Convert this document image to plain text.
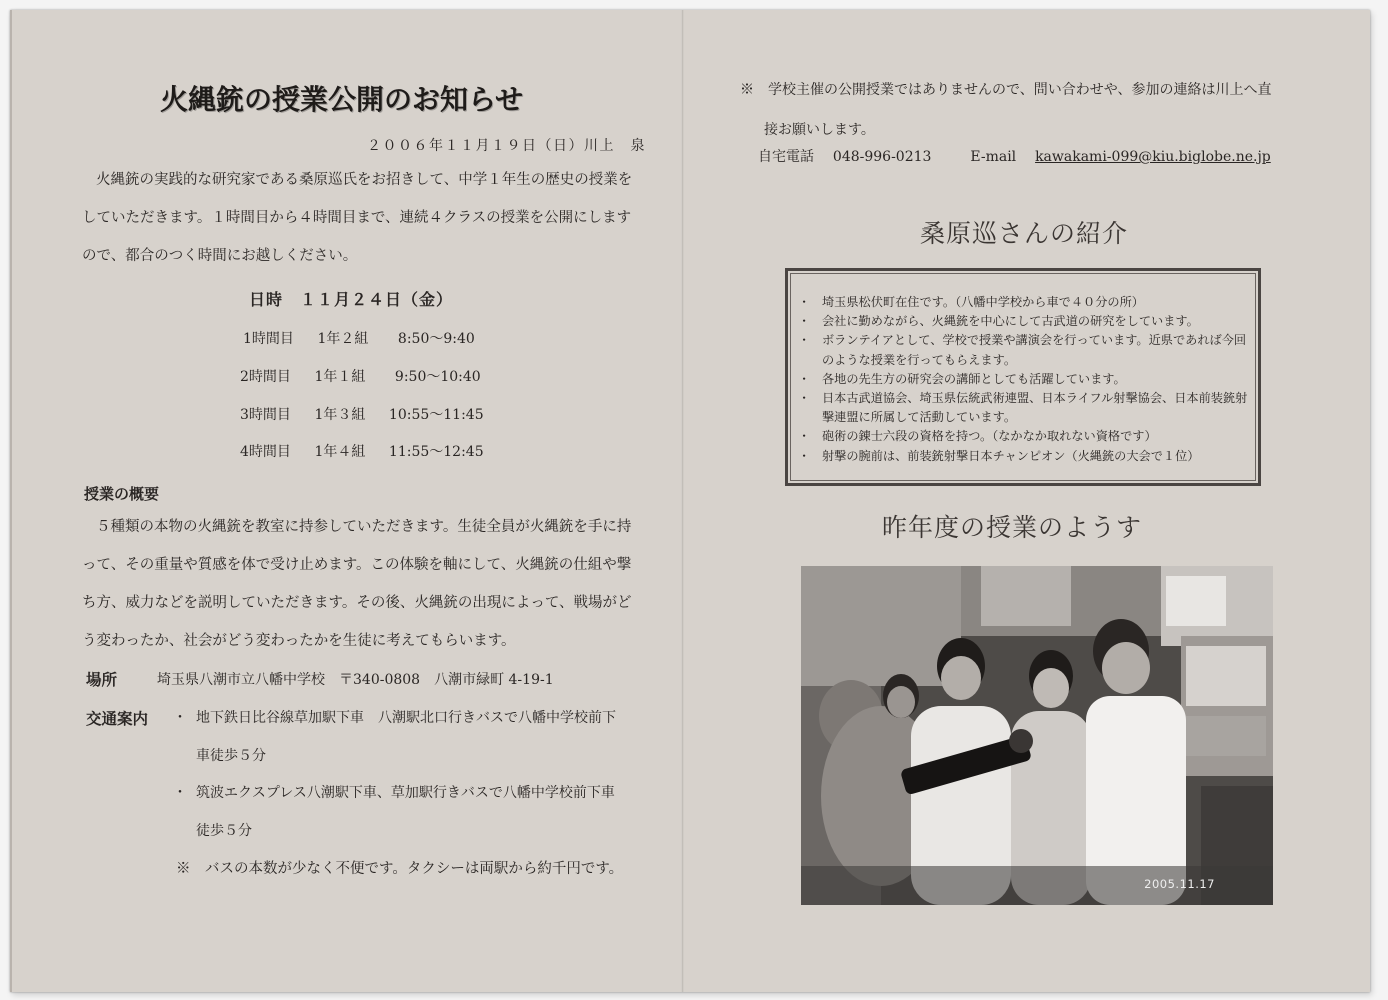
火縄銃の授業公開のお知らせ
２００６年１１月１９日（日）川上　泉
火縄銃の実践的な研究家である桑原巡氏をお招きして、中学１年生の歴史の授業を
していただきます。１時間目から４時間目まで、連続４クラスの授業を公開にします
ので、都合のつく時間にお越しください。
日時　１１月２４日（金）
1時間目 1年２組 8:50～9:40
2時間目 1年１組 9:50～10:40
3時間目 1年３組 10:55～11:45
4時間目 1年４組 11:55～12:45
授業の概要
５種類の本物の火縄銃を教室に持参していただきます。生徒全員が火縄銃を手に持
って、その重量や質感を体で受け止めます。この体験を軸にして、火縄銃の仕組や撃
ち方、威力などを説明していただきます。その後、火縄銃の出現によって、戦場がど
う変わったか、社会がどう変わったかを生徒に考えてもらいます。
場所	埼玉県八潮市立八幡中学校　〒340-0808　八潮市緑町 4-19-1
交通案内 ・ 地下鉄日比谷線草加駅下車　八潮駅北口行きバスで八幡中学校前下
車徒歩５分
・ 筑波エクスプレス八潮駅下車、草加駅行きバスで八幡中学校前下車
徒歩５分
※　バスの本数が少なく不便です。タクシーは両駅から約千円です。
※　学校主催の公開授業ではありませんので、問い合わせや、参加の連絡は川上へ直
接お願いします。
自宅電話 048-996-0213	E-mail kawakami-099@kiu.biglobe.ne.jp
桑原巡さんの紹介
・ 埼玉県松伏町在住です。（八幡中学校から車で４０分の所）
・ 会社に勤めながら、火縄銃を中心にして古武道の研究をしています。
・ ボランテイアとして、学校で授業や講演会を行っています。近県であれば今回のような授業を行ってもらえます。
・ 各地の先生方の研究会の講師としても活躍しています。
・ 日本古武道協会、埼玉県伝統武術連盟、日本ライフル射撃協会、日本前装銃射撃連盟に所属して活動しています。
・ 砲術の錬士六段の資格を持つ。（なかなか取れない資格です）
・ 射撃の腕前は、前装銃射撃日本チャンピオン（火縄銃の大会で１位）
昨年度の授業のようす
2005.11.17
